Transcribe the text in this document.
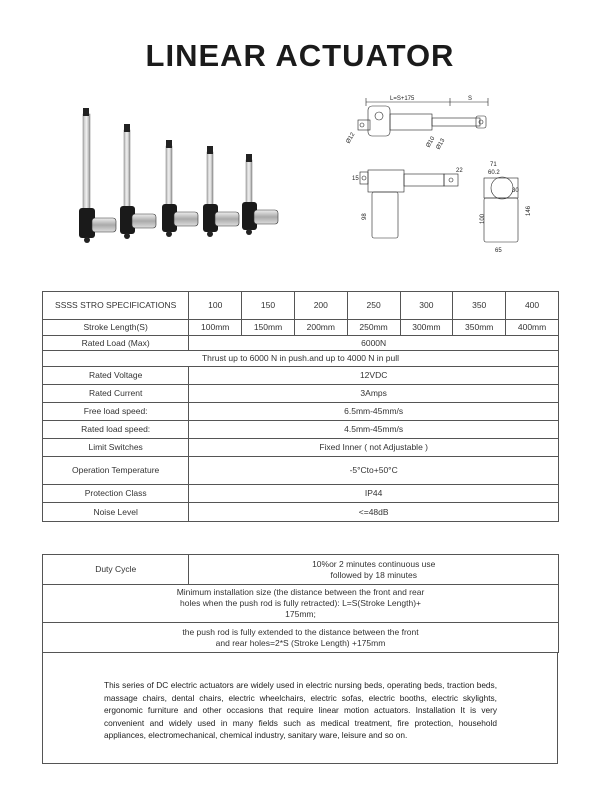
LINEAR ACTUATOR
L=S+175	S
Ø12	Ø10 Ø13
15
22
98
71
60.2
30
65
100
146
SSSS STRO SPECIFICATIONS	100	150	200	250	300	350	400
Stroke Length(S)	100mm	150mm	200mm	250mm	300mm	350mm	400mm
Rated Load (Max)	6000N						
Thrust up to 6000 N in push.and up to 4000 N in pull							
Rated Voltage	12VDC						
Rated Current	3Amps						
Free load speed:	6.5mm-45mm/s						
Rated load speed:	4.5mm-45mm/s						
Limit Switches	Fixed Inner ( not Adjustable )						
Operation Temperature	-5°Cto+50°C						
Protection Class	IP44						
Noise Level	<=48dB						
Duty Cycle	10%or 2 minutes continuous use followed by 18 minutes
Minimum installation size (the distance between the front and rear holes when the push rod is fully retracted): L=S(Stroke Length)+ 175mm;
the push rod is fully extended to the distance between the front and rear holes=2*S (Stroke Length) +175mm
This series of DC electric actuators are widely used in electric nursing beds, operating beds, traction beds, massage chairs, dental chairs, electric wheelchairs, electric sofas, electric booths, electric skylights, ergonomic furniture and other occasions that require linear motion actuators. Installation It is very convenient and widely used in many fields such as medical treatment, fire protection, household appliances, electromechanical, chemical industry, sanitary ware, leisure and so on.
